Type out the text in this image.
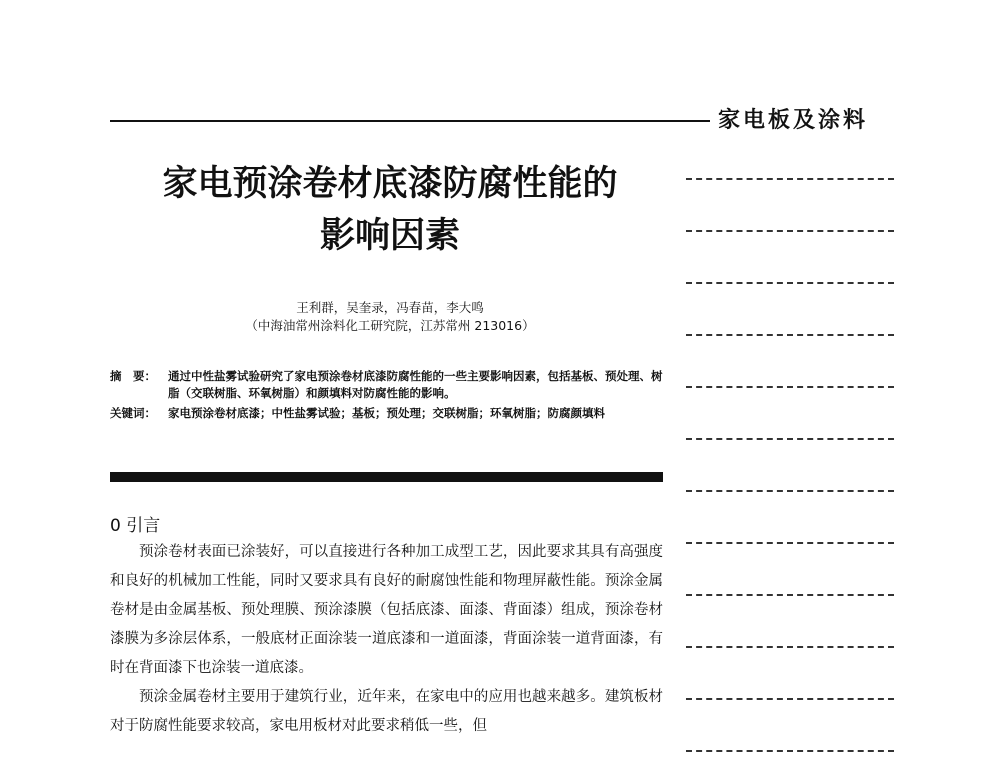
家电板及涂料
家电预涂卷材底漆防腐性能的
影响因素
王利群，吴奎录，冯春苗，李大鸣
（中海油常州涂料化工研究院，江苏常州 213016）
摘　要：	通过中性盐雾试验研究了家电预涂卷材底漆防腐性能的一些主要影响因素，包括基板、预处理、树脂（交联树脂、环氧树脂）和颜填料对防腐性能的影响。
关键词：	家电预涂卷材底漆；中性盐雾试验；基板；预处理；交联树脂；环氧树脂；防腐颜填料
0 引言

预涂卷材表面已涂装好，可以直接进行各种加工成型工艺，因此要求其具有高强度和良好的机械加工性能，同时又要求具有良好的耐腐蚀性能和物理屏蔽性能。预涂金属卷材是由金属基板、预处理膜、预涂漆膜（包括底漆、面漆、背面漆）组成，预涂卷材漆膜为多涂层体系，一般底材正面涂装一道底漆和一道面漆，背面涂装一道背面漆，有时在背面漆下也涂装一道底漆。

预涂金属卷材主要用于建筑行业，近年来，在家电中的应用也越来越多。建筑板材对于防腐性能要求较高，家电用板材对此要求稍低一些，但
